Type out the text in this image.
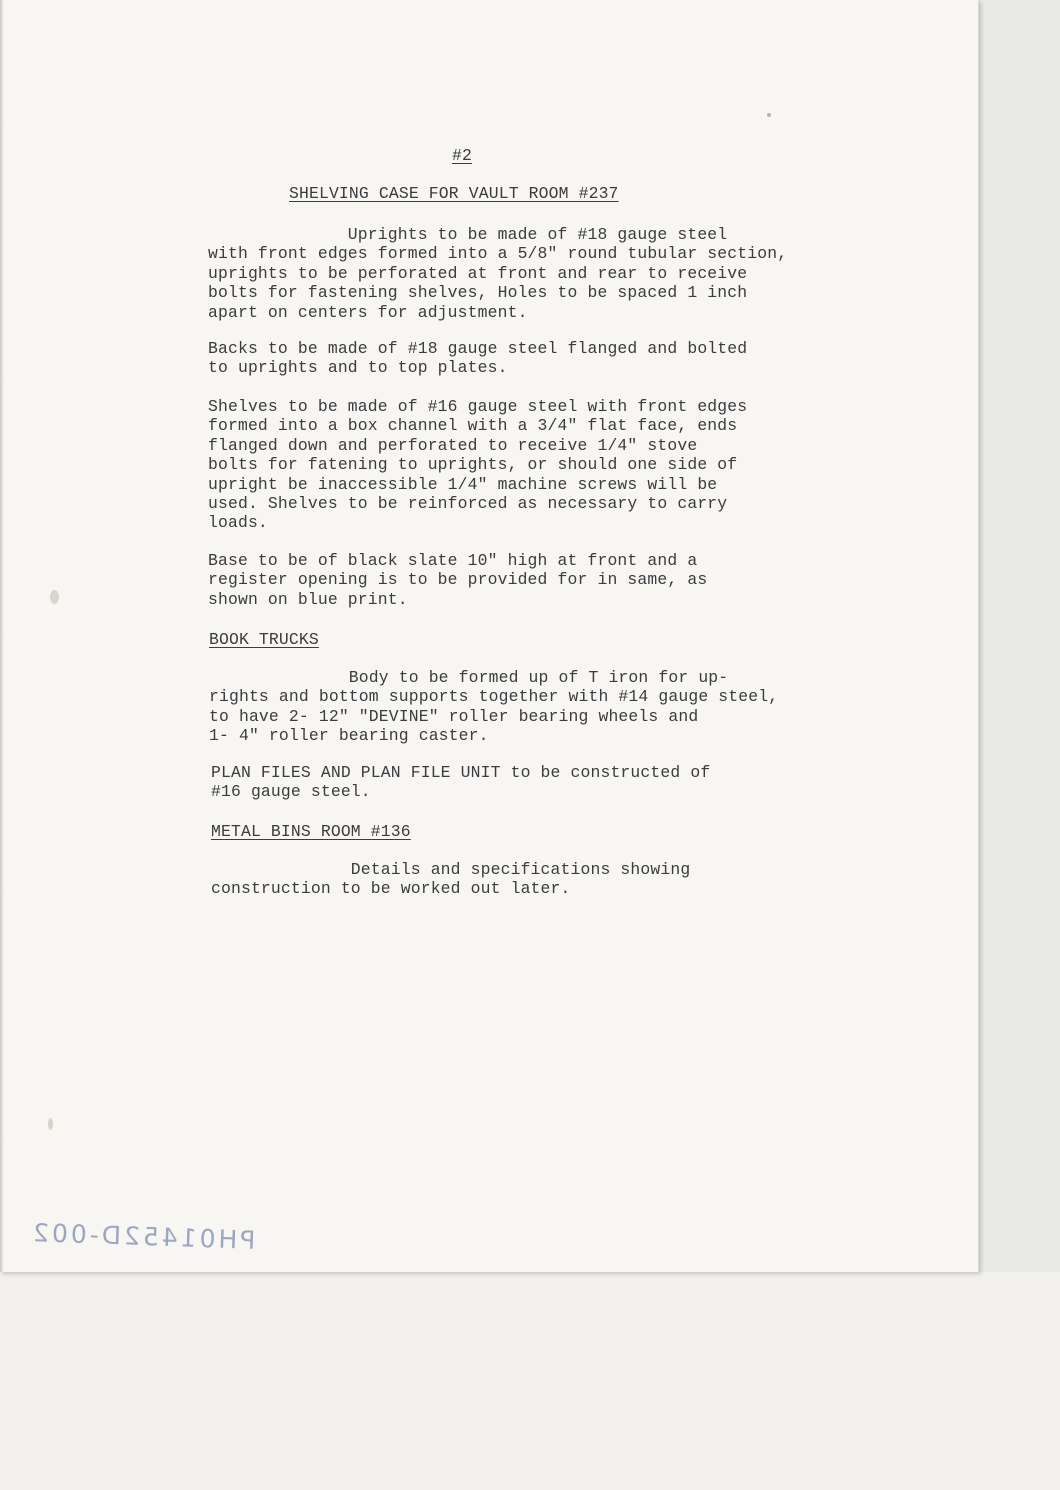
#2

SHELVING CASE FOR VAULT ROOM #237

Uprights to be made of #18 gauge steel
with front edges formed into a 5/8" round tubular section,
uprights to be perforated at front and rear to receive
bolts for fastening shelves, Holes to be spaced 1 inch
apart on centers for adjustment.

Backs to be made of #18 gauge steel flanged and bolted
to uprights and to top plates.

Shelves to be made of #16 gauge steel with front edges
formed into a box channel with a 3/4" flat face, ends
flanged down and perforated to receive 1/4" stove
bolts for fatening to uprights, or should one side of
upright be inaccessible 1/4" machine screws will be
used. Shelves to be reinforced as necessary to carry
loads.

Base to be of black slate 10" high at front and a
register opening is to be provided for in same, as
shown on blue print.

BOOK TRUCKS

Body to be formed up of T iron for up-
rights and bottom supports together with #14 gauge steel,
to have 2- 12" "DEVINE" roller bearing wheels and
1- 4" roller bearing caster.

PLAN FILES AND PLAN FILE UNIT to be constructed of
#16 gauge steel.

METAL BINS ROOM #136

Details and specifications showing
construction to be worked out later.

PH01452D-002
